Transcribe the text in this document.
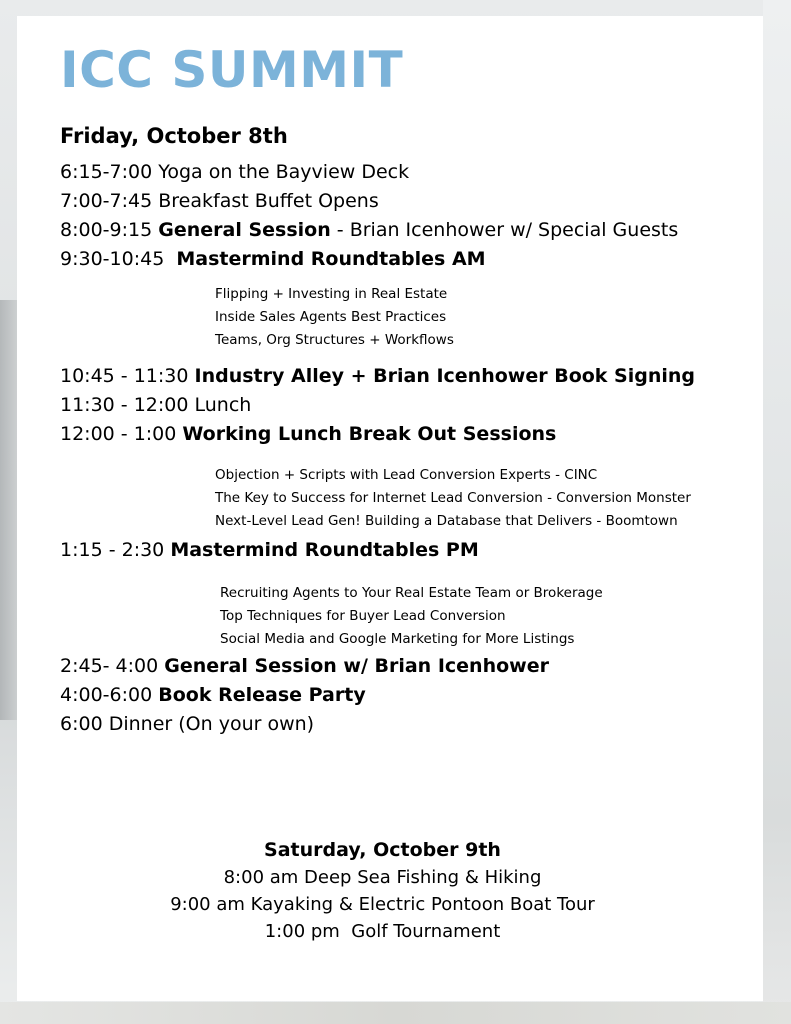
ICC SUMMIT
Friday, October 8th
6:15-7:00 Yoga on the Bayview Deck
7:00-7:45 Breakfast Buffet Opens
8:00-9:15 General Session - Brian Icenhower w/ Special Guests
9:30-10:45 Mastermind Roundtables AM
Flipping + Investing in Real Estate
Inside Sales Agents Best Practices
Teams, Org Structures + Workflows
10:45 - 11:30 Industry Alley + Brian Icenhower Book Signing
11:30 - 12:00 Lunch
12:00 - 1:00 Working Lunch Break Out Sessions
Objection + Scripts with Lead Conversion Experts - CINC
The Key to Success for Internet Lead Conversion - Conversion Monster
Next-Level Lead Gen! Building a Database that Delivers - Boomtown
1:15 - 2:30 Mastermind Roundtables PM
Recruiting Agents to Your Real Estate Team or Brokerage
Top Techniques for Buyer Lead Conversion
Social Media and Google Marketing for More Listings
2:45- 4:00 General Session w/ Brian Icenhower
4:00-6:00 Book Release Party
6:00 Dinner (On your own)
Saturday, October 9th
8:00 am Deep Sea Fishing & Hiking
9:00 am Kayaking & Electric Pontoon Boat Tour
1:00 pm  Golf Tournament
